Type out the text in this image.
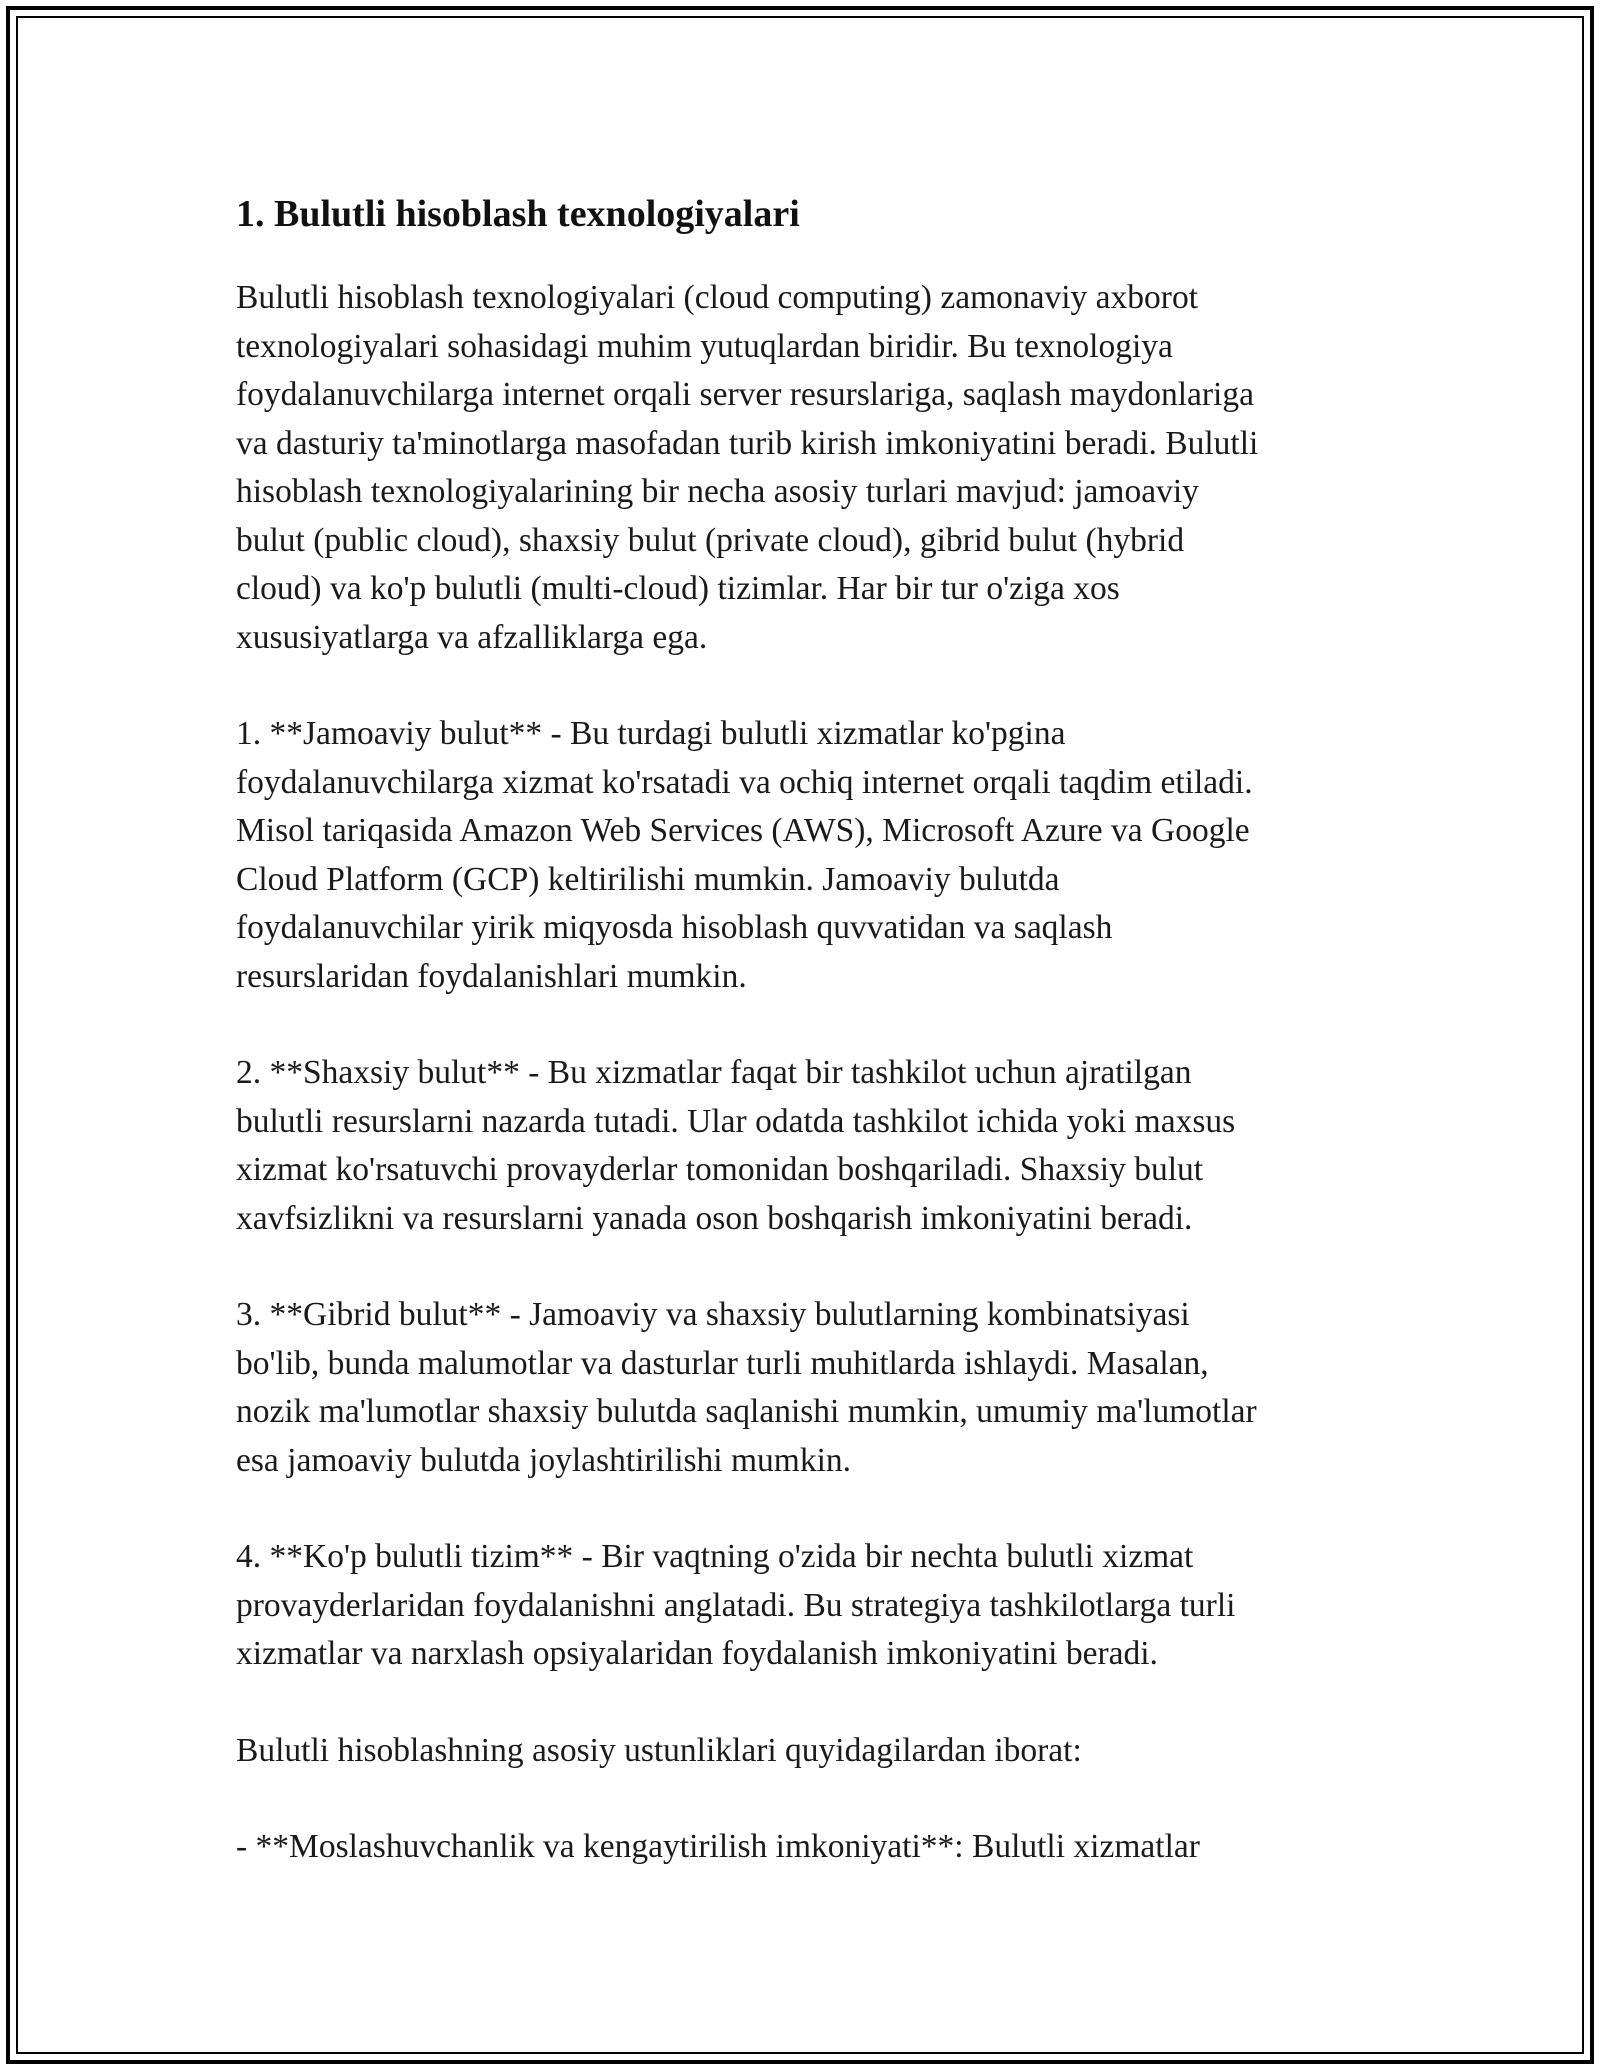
1. Bulutli hisoblash texnologiyalari

Bulutli hisoblash texnologiyalari (cloud computing) zamonaviy axborot
texnologiyalari sohasidagi muhim yutuqlardan biridir. Bu texnologiya
foydalanuvchilarga internet orqali server resurslariga, saqlash maydonlariga
va dasturiy ta'minotlarga masofadan turib kirish imkoniyatini beradi. Bulutli
hisoblash texnologiyalarining bir necha asosiy turlari mavjud: jamoaviy
bulut (public cloud), shaxsiy bulut (private cloud), gibrid bulut (hybrid
cloud) va ko'p bulutli (multi-cloud) tizimlar. Har bir tur o'ziga xos
xususiyatlarga va afzalliklarga ega.

1. **Jamoaviy bulut** - Bu turdagi bulutli xizmatlar ko'pgina
foydalanuvchilarga xizmat ko'rsatadi va ochiq internet orqali taqdim etiladi.
Misol tariqasida Amazon Web Services (AWS), Microsoft Azure va Google
Cloud Platform (GCP) keltirilishi mumkin. Jamoaviy bulutda
foydalanuvchilar yirik miqyosda hisoblash quvvatidan va saqlash
resurslaridan foydalanishlari mumkin.

2. **Shaxsiy bulut** - Bu xizmatlar faqat bir tashkilot uchun ajratilgan
bulutli resurslarni nazarda tutadi. Ular odatda tashkilot ichida yoki maxsus
xizmat ko'rsatuvchi provayderlar tomonidan boshqariladi. Shaxsiy bulut
xavfsizlikni va resurslarni yanada oson boshqarish imkoniyatini beradi.

3. **Gibrid bulut** - Jamoaviy va shaxsiy bulutlarning kombinatsiyasi
bo'lib, bunda malumotlar va dasturlar turli muhitlarda ishlaydi. Masalan,
nozik ma'lumotlar shaxsiy bulutda saqlanishi mumkin, umumiy ma'lumotlar
esa jamoaviy bulutda joylashtirilishi mumkin.

4. **Ko'p bulutli tizim** - Bir vaqtning o'zida bir nechta bulutli xizmat
provayderlaridan foydalanishni anglatadi. Bu strategiya tashkilotlarga turli
xizmatlar va narxlash opsiyalaridan foydalanish imkoniyatini beradi.

Bulutli hisoblashning asosiy ustunliklari quyidagilardan iborat:

- **Moslashuvchanlik va kengaytirilish imkoniyati**: Bulutli xizmatlar
